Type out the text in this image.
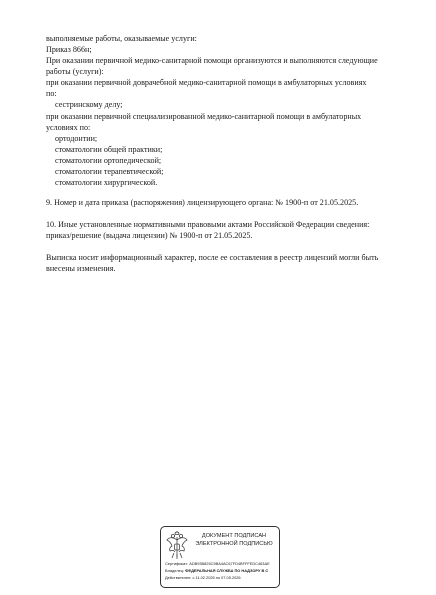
выполняемые работы, оказываемые услуги:
Приказ 866н;
При оказании первичной медико-санитарной помощи организуются и выполняются следующие
работы (услуги):
при оказании первичной доврачебной медико-санитарной помощи в амбулаторных условиях
по:
сестринскому делу;
при оказании первичной специализированной медико-санитарной помощи в амбулаторных
условиях по:
ортодонтии;
стоматологии общей практики;
стоматологии ортопедической;
стоматологии терапевтической;
стоматологии хирургической.
9. Номер и дата приказа (распоряжения) лицензирующего органа: № 1900-п от 21.05.2025.
10. Иные установленные нормативными правовыми актами Российской Федерации сведения:
приказ/решение (выдача лицензии) № 1900-п от 21.05.2025.
Выписка носит информационный характер, после ее составления в реестр лицензий могли быть
внесены изменения.
ДОКУМЕНТ ПОДПИСАН
ЭЛЕКТРОННОЙ ПОДПИСЬЮ
Сертификат: ADB93B825C5BA4AC67FD4BFFFEDC463AE
Владелец: ФЕДЕРАЛЬНАЯ СЛУЖБА ПО НАДЗОРУ В С
Действителен: с 11.02.2025 по 07.05.2026
